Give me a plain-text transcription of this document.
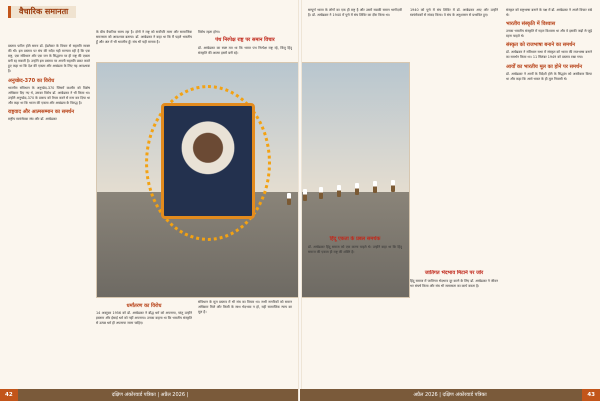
वैचारिक समानता

प्रस्ताव पारित होते समय डॉ. हेडगेवार के विचार से सहमति व्यक्त की थी। इस प्रस्ताव पर संघ की सदैव यही मान्यता रही है कि एक राष्ट्र, एक संविधान और एक जन के सिद्धान्त पर ही राष्ट्र की एकता बनी रह सकती है। उन्होंने इस प्रस्ताव पर अपनी सहमति प्रकट करते हुए कहा था कि देश की एकता और अखंडता के लिए यह आवश्यक है।

अनुच्छेद-370 का विरोध

भारतीय संविधान के अनुच्छेद-370 जिसमें कश्मीर को विशेष अधिकार दिए गए थे, उसका विरोध डॉ. अम्बेडकर ने भी किया था। उन्होंने अनुच्छेद-370 के प्रारूप को तैयार करने से मना कर दिया था और कहा था कि भारत की एकता और अखंडता के विरुद्ध है।

राष्ट्रवाद और आत्मसम्मान का समर्थन

राष्ट्रीय स्वयंसेवक संघ और डॉ. अम्बेडकर

के बीच वैचारिक साम्य रहा है। दोनों ने राष्ट्र को सर्वोपरि माना और सामाजिक समरसता को आवश्यक बताया। डॉ. अम्बेडकर ने कहा था कि मैं पहले भारतीय हूँ और अंत में भी भारतीय हूँ। संघ भी यही मानता है।

धर्मांतरण का विरोध

14 अक्टूबर 1956 को डॉ. अम्बेडकर ने बौद्ध धर्म को अपनाया, परंतु उन्होंने इस्लाम और ईसाई धर्म को नहीं अपनाया। उनका कहना था कि भारतीय संस्कृति से उत्पन्न धर्म ही अपनाया जाना चाहिए।

विरोध रहता होगा।

पंथ निरपेक्ष राष्ट्र पर समान विचार

डॉ. अम्बेडकर का स्पष्ट मत था कि भारत पंथ निरपेक्ष राष्ट्र रहे, किंतु हिंदू संस्कृति की आत्मा इसमें बनी रहे।

संविधान के मूल प्रस्ताव में भी संघ का विचार था। सभी नागरिकों को समान अधिकार मिले और किसी के साथ भेदभाव न हो, यही सामाजिक न्याय का मूल है।

42	दक्षिण अंकोरवार्ड पत्रिका | अप्रैल 2026 |

सम्पूर्ण भारत के लोगों का एक ही राष्ट्र है और उसमें सबकी समान भागीदारी है। डॉ. अम्बेडकर ने 1940 में पुणे में संघ शिविर का दौरा किया था।

हिंदू एकता के प्रबल समर्थक

डॉ. अम्बेडकर हिंदू समाज को एक करना चाहते थे। उन्होंने कहा था कि हिंदू समाज की एकता ही राष्ट्र की शक्ति है।

1940 को पुणे में संघ शिविर में डॉ. अम्बेडकर आए और उन्होंने स्वयंसेवकों से संवाद किया। वे संघ के अनुशासन से प्रभावित हुए।

जातिगत भेदभाव मिटाने पर जोर

हिंदू समाज में जातिगत भेदभाव दूर करने के लिए डॉ. अम्बेडकर ने जीवन भर संघर्ष किया और संघ भी समरसता का कार्य करता है।

संस्कृत को राष्ट्रभाषा बनाने के पक्ष में डॉ. अम्बेडकर ने अपने विचार रखे थे।

भारतीय संस्कृति में विश्वास

उनका भारतीय संस्कृति में गहरा विश्वास था और वे इसकी जड़ों से जुड़े रहना चाहते थे।

संस्कृत को राजभाषा बनाने का समर्थन

डॉ. अम्बेडकर ने संविधान सभा में संस्कृत को भारत की राजभाषा बनाने का समर्थन किया था। 11 सितंबर 1949 को प्रस्ताव रखा गया।

आर्यों का भारतीय मूल का होने पर समर्थन

डॉ. अम्बेडकर ने आर्यों के विदेशी होने के सिद्धांत को अस्वीकार किया था और कहा कि आर्य भारत के ही मूल निवासी थे।

अप्रैल 2026 | दक्षिण अंकोरवार्ड पत्रिका	43
